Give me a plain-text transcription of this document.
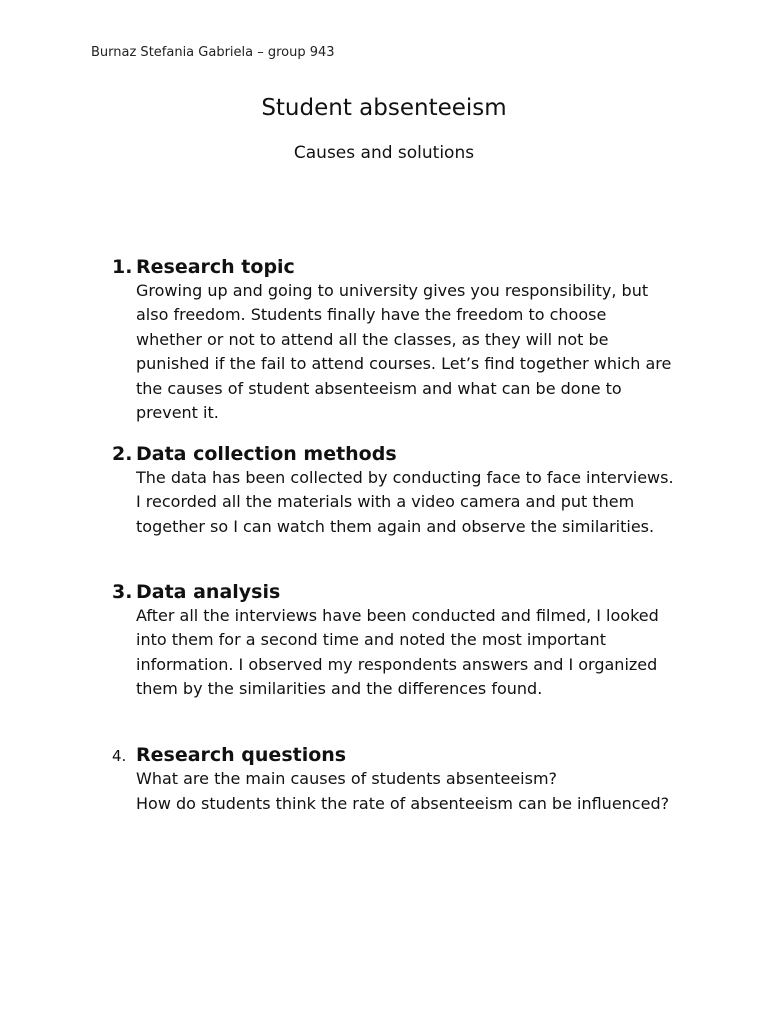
Burnaz Stefania Gabriela – group 943
Student absenteeism
Causes and solutions
1. Research topic

Growing up and going to university gives you responsibility, but also freedom. Students finally have the freedom to choose whether or not to attend all the classes, as they will not be punished if the fail to attend courses. Let’s find together which are the causes of student absenteeism and what can be done to prevent it.

2. Data collection methods

The data has been collected by conducting face to face interviews. I recorded all the materials with a video camera and put them together so I can watch them again and observe the similarities.

3. Data analysis

After all the interviews have been conducted and filmed, I looked into them for a second time and noted the most important information. I observed my respondents answers and I organized them by the similarities and the differences found.

4. Research questions

What are the main causes of students absenteeism?

How do students think the rate of absenteeism can be influenced?
